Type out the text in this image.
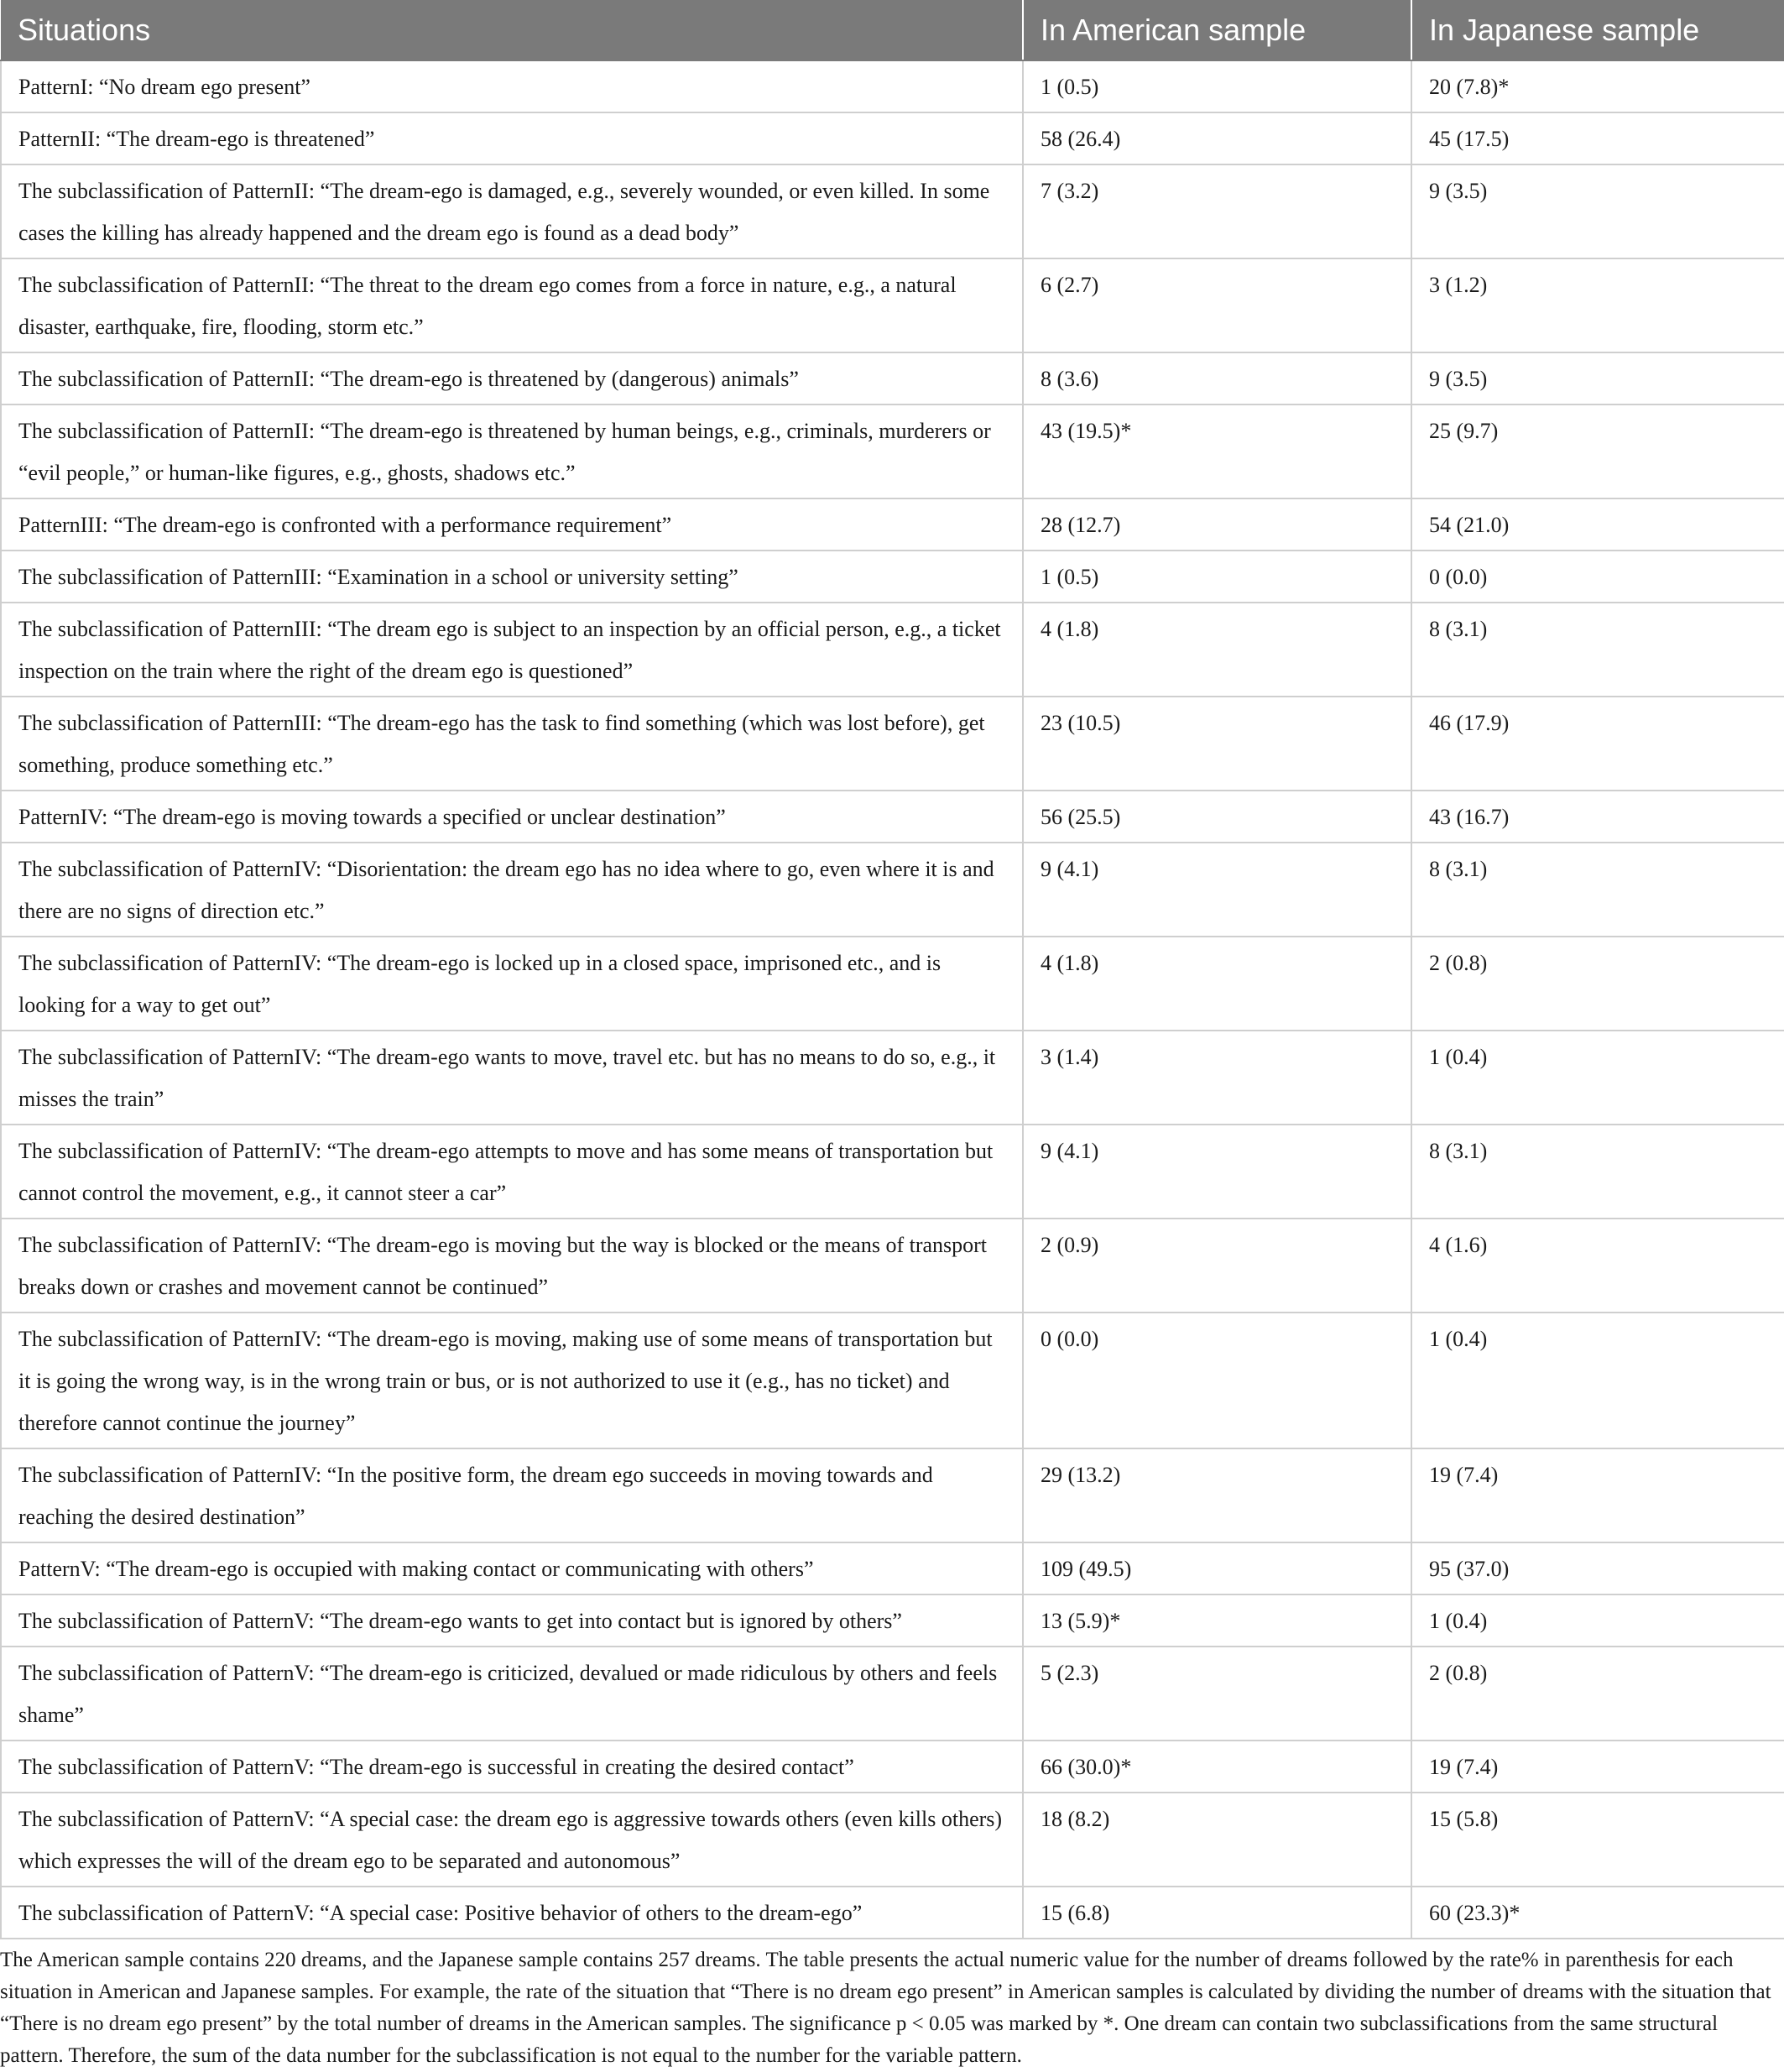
Situations	In American sample	In Japanese sample
PatternI: “No dream ego present”	1 (0.5)	20 (7.8)*
PatternII: “The dream-ego is threatened”	58 (26.4)	45 (17.5)
The subclassification of PatternII: “The dream-ego is damaged, e.g., severely wounded, or even killed. In some cases the killing has already happened and the dream ego is found as a dead body”	7 (3.2)	9 (3.5)
The subclassification of PatternII: “The threat to the dream ego comes from a force in nature, e.g., a natural disaster, earthquake, fire, flooding, storm etc.”	6 (2.7)	3 (1.2)
The subclassification of PatternII: “The dream-ego is threatened by (dangerous) animals”	8 (3.6)	9 (3.5)
The subclassification of PatternII: “The dream-ego is threatened by human beings, e.g., criminals, murderers or “evil people,” or human-like figures, e.g., ghosts, shadows etc.”	43 (19.5)*	25 (9.7)
PatternIII: “The dream-ego is confronted with a performance requirement”	28 (12.7)	54 (21.0)
The subclassification of PatternIII: “Examination in a school or university setting”	1 (0.5)	0 (0.0)
The subclassification of PatternIII: “The dream ego is subject to an inspection by an official person, e.g., a ticket inspection on the train where the right of the dream ego is questioned”	4 (1.8)	8 (3.1)
The subclassification of PatternIII: “The dream-ego has the task to find something (which was lost before), get something, produce something etc.”	23 (10.5)	46 (17.9)
PatternIV: “The dream-ego is moving towards a specified or unclear destination”	56 (25.5)	43 (16.7)
The subclassification of PatternIV: “Disorientation: the dream ego has no idea where to go, even where it is and there are no signs of direction etc.”	9 (4.1)	8 (3.1)
The subclassification of PatternIV: “The dream-ego is locked up in a closed space, imprisoned etc., and is looking for a way to get out”	4 (1.8)	2 (0.8)
The subclassification of PatternIV: “The dream-ego wants to move, travel etc. but has no means to do so, e.g., it misses the train”	3 (1.4)	1 (0.4)
The subclassification of PatternIV: “The dream-ego attempts to move and has some means of transportation but cannot control the movement, e.g., it cannot steer a car”	9 (4.1)	8 (3.1)
The subclassification of PatternIV: “The dream-ego is moving but the way is blocked or the means of transport breaks down or crashes and movement cannot be continued”	2 (0.9)	4 (1.6)
The subclassification of PatternIV: “The dream-ego is moving, making use of some means of transportation but it is going the wrong way, is in the wrong train or bus, or is not authorized to use it (e.g., has no ticket) and therefore cannot continue the journey”	0 (0.0)	1 (0.4)
The subclassification of PatternIV: “In the positive form, the dream ego succeeds in moving towards and reaching the desired destination”	29 (13.2)	19 (7.4)
PatternV: “The dream-ego is occupied with making contact or communicating with others”	109 (49.5)	95 (37.0)
The subclassification of PatternV: “The dream-ego wants to get into contact but is ignored by others”	13 (5.9)*	1 (0.4)
The subclassification of PatternV: “The dream-ego is criticized, devalued or made ridiculous by others and feels shame”	5 (2.3)	2 (0.8)
The subclassification of PatternV: “The dream-ego is successful in creating the desired contact”	66 (30.0)*	19 (7.4)
The subclassification of PatternV: “A special case: the dream ego is aggressive towards others (even kills others) which expresses the will of the dream ego to be separated and autonomous”	18 (8.2)	15 (5.8)
The subclassification of PatternV: “A special case: Positive behavior of others to the dream-ego”	15 (6.8)	60 (23.3)*

The American sample contains 220 dreams, and the Japanese sample contains 257 dreams. The table presents the actual numeric value for the number of dreams followed by the rate% in parenthesis for each situation in American and Japanese samples. For example, the rate of the situation that “There is no dream ego present” in American samples is calculated by dividing the number of dreams with the situation that “There is no dream ego present” by the total number of dreams in the American samples. The significance p < 0.05 was marked by *. One dream can contain two subclassifications from the same structural pattern. Therefore, the sum of the data number for the subclassification is not equal to the number for the variable pattern.
